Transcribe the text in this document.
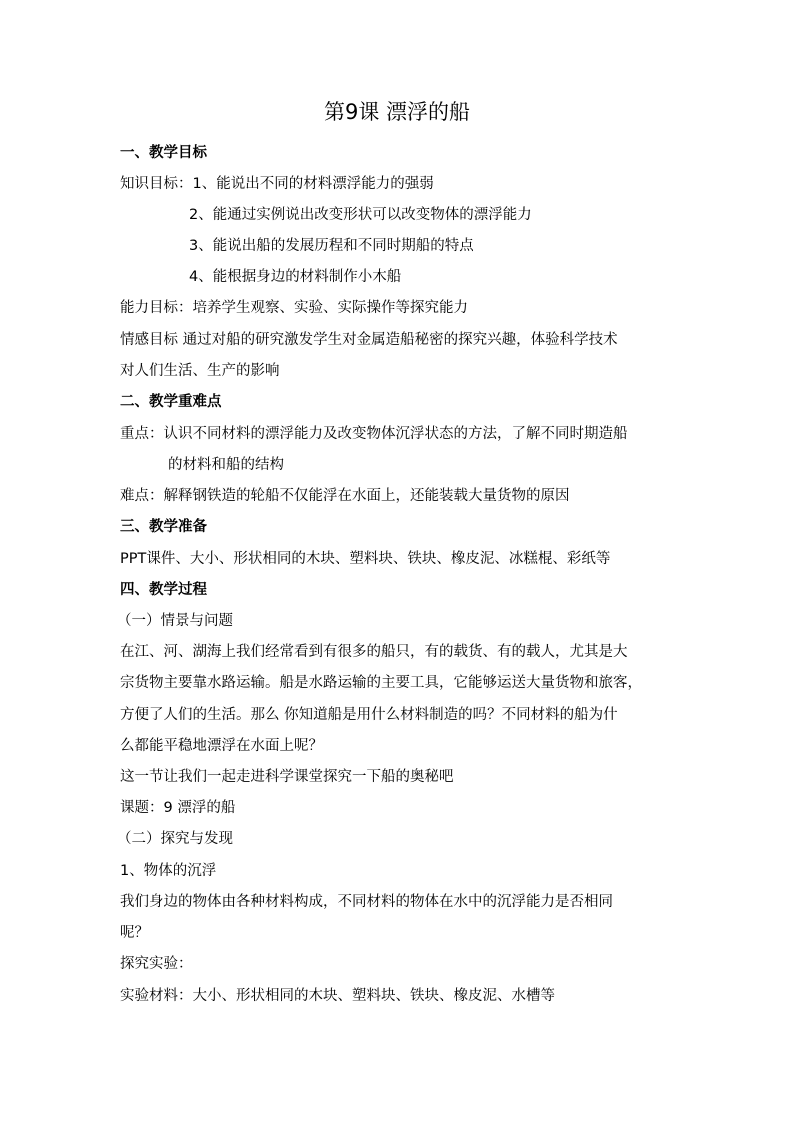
第9课 漂浮的船
一、教学目标
知识目标：1、能说出不同的材料漂浮能力的强弱
2、能通过实例说出改变形状可以改变物体的漂浮能力
3、能说出船的发展历程和不同时期船的特点
4、能根据身边的材料制作小木船
能力目标：培养学生观察、实验、实际操作等探究能力
情感目标 通过对船的研究激发学生对金属造船秘密的探究兴趣，体验科学技术
对人们生活、生产的影响
二、教学重难点
重点：认识不同材料的漂浮能力及改变物体沉浮状态的方法，了解不同时期造船
的材料和船的结构
难点：解释钢铁造的轮船不仅能浮在水面上，还能装载大量货物的原因
三、教学准备
PPT课件、大小、形状相同的木块、塑料块、铁块、橡皮泥、冰糕棍、彩纸等
四、教学过程
（一）情景与问题
在江、河、湖海上我们经常看到有很多的船只，有的载货、有的载人，尤其是大
宗货物主要靠水路运输。船是水路运输的主要工具，它能够运送大量货物和旅客，
方便了人们的生活。那么 你知道船是用什么材料制造的吗？不同材料的船为什
么都能平稳地漂浮在水面上呢？
这一节让我们一起走进科学课堂探究一下船的奥秘吧
课题：9 漂浮的船
（二）探究与发现
1、物体的沉浮
我们身边的物体由各种材料构成，不同材料的物体在水中的沉浮能力是否相同
呢？
探究实验：
实验材料：大小、形状相同的木块、塑料块、铁块、橡皮泥、水槽等
